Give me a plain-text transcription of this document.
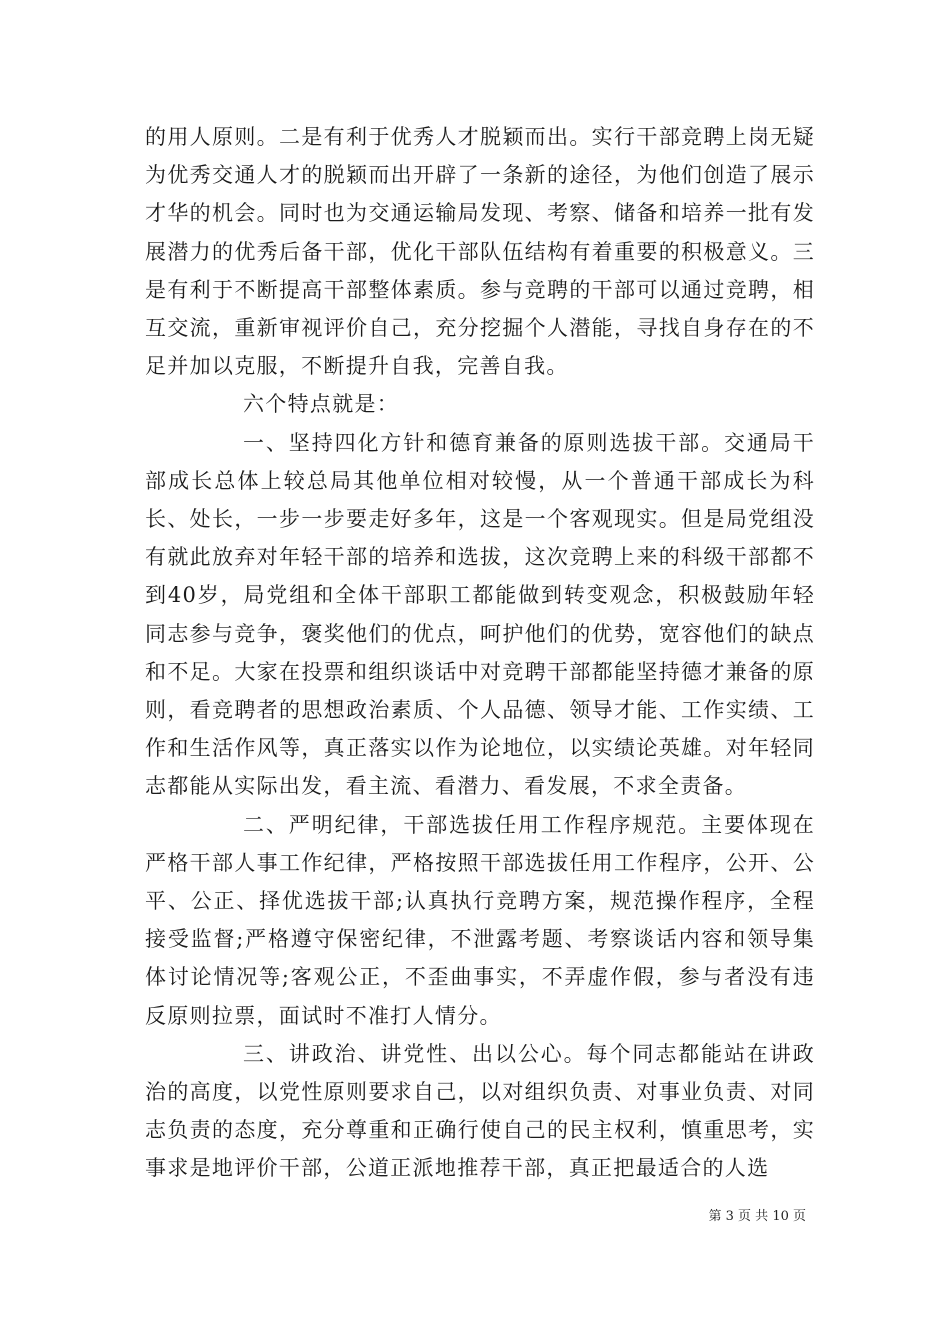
的用人原则。二是有利于优秀人才脱颖而出。实行干部竞聘上岗无疑为优秀交通人才的脱颖而出开辟了一条新的途径，为他们创造了展示才华的机会。同时也为交通运输局发现、考察、储备和培养一批有发展潜力的优秀后备干部，优化干部队伍结构有着重要的积极意义。三是有利于不断提高干部整体素质。参与竞聘的干部可以通过竞聘，相互交流，重新审视评价自己，充分挖掘个人潜能，寻找自身存在的不足并加以克服，不断提升自我，完善自我。

六个特点就是：

一、坚持四化方针和德育兼备的原则选拔干部。交通局干部成长总体上较总局其他单位相对较慢，从一个普通干部成长为科长、处长，一步一步要走好多年，这是一个客观现实。但是局党组没有就此放弃对年轻干部的培养和选拔，这次竞聘上来的科级干部都不到40岁，局党组和全体干部职工都能做到转变观念，积极鼓励年轻同志参与竞争，褒奖他们的优点，呵护他们的优势，宽容他们的缺点和不足。大家在投票和组织谈话中对竞聘干部都能坚持德才兼备的原则，看竞聘者的思想政治素质、个人品德、领导才能、工作实绩、工作和生活作风等，真正落实以作为论地位，以实绩论英雄。对年轻同志都能从实际出发，看主流、看潜力、看发展，不求全责备。

二、严明纪律，干部选拔任用工作程序规范。主要体现在严格干部人事工作纪律，严格按照干部选拔任用工作程序，公开、公平、公正、择优选拔干部;认真执行竞聘方案，规范操作程序，全程接受监督;严格遵守保密纪律，不泄露考题、考察谈话内容和领导集体讨论情况等;客观公正，不歪曲事实，不弄虚作假，参与者没有违反原则拉票，面试时不准打人情分。

三、讲政治、讲党性、出以公心。每个同志都能站在讲政治的高度，以党性原则要求自己，以对组织负责、对事业负责、对同志负责的态度，充分尊重和正确行使自己的民主权利，慎重思考，实事求是地评价干部，公道正派地推荐干部，真正把最适合的人选

第 3 页 共 10 页
